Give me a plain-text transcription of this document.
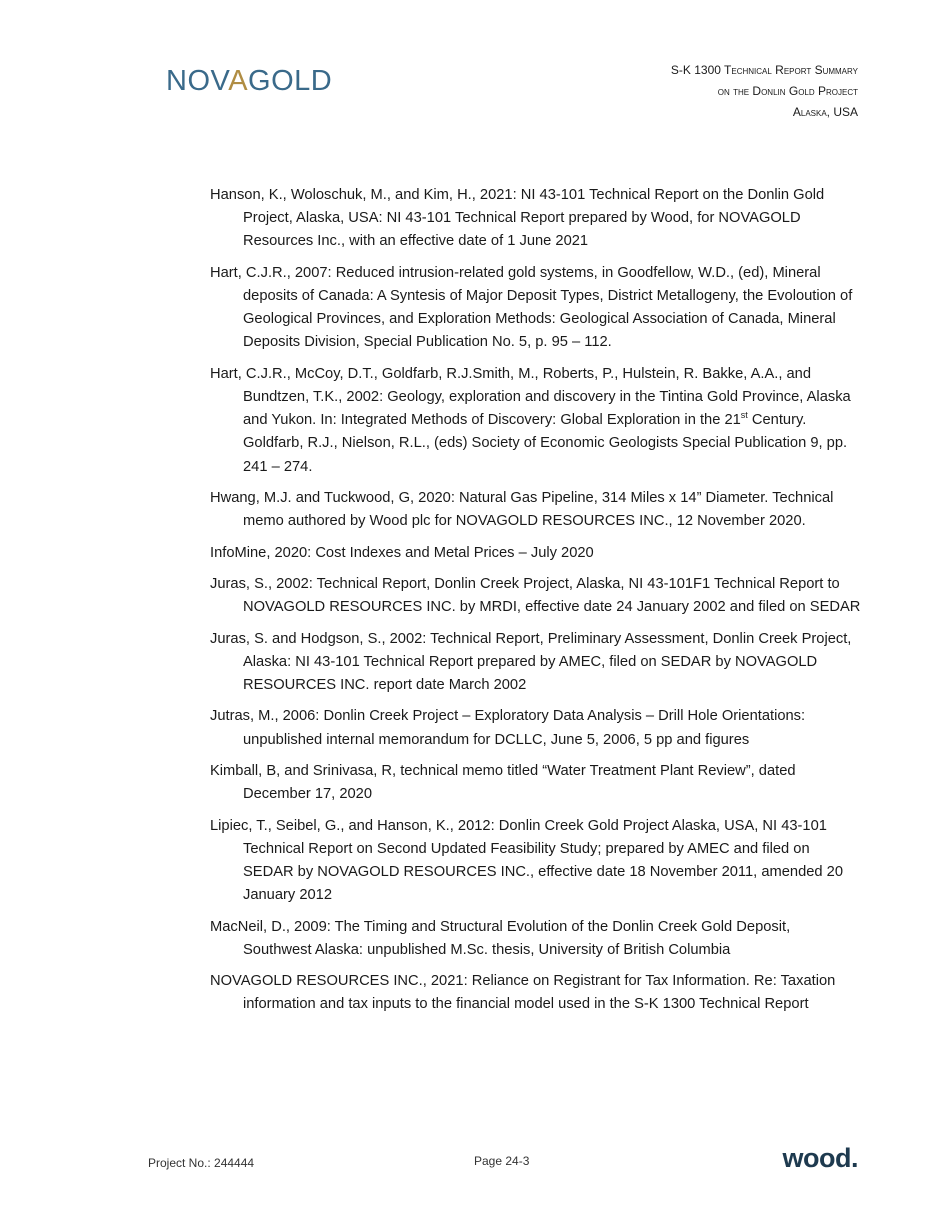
NOVAGOLD	S-K 1300 Technical Report Summary
on the Donlin Gold Project
Alaska, USA

Hanson, K., Woloschuk, M., and Kim, H., 2021: NI 43-101 Technical Report on the Donlin Gold Project, Alaska, USA: NI 43-101 Technical Report prepared by Wood, for NOVAGOLD Resources Inc., with an effective date of 1 June 2021

Hart, C.J.R., 2007: Reduced intrusion-related gold systems, in Goodfellow, W.D., (ed), Mineral deposits of Canada: A Syntesis of Major Deposit Types, District Metallogeny, the Evoloution of Geological Provinces, and Exploration Methods: Geological Association of Canada, Mineral Deposits Division, Special Publication No. 5, p. 95 – 112.

Hart, C.J.R., McCoy, D.T., Goldfarb, R.J.Smith, M., Roberts, P., Hulstein, R. Bakke, A.A., and Bundtzen, T.K., 2002: Geology, exploration and discovery in the Tintina Gold Province, Alaska and Yukon. In: Integrated Methods of Discovery: Global Exploration in the 21st Century. Goldfarb, R.J., Nielson, R.L., (eds) Society of Economic Geologists Special Publication 9, pp. 241 – 274.

Hwang, M.J. and Tuckwood, G, 2020: Natural Gas Pipeline, 314 Miles x 14” Diameter. Technical memo authored by Wood plc for NOVAGOLD RESOURCES INC., 12 November 2020.

InfoMine, 2020: Cost Indexes and Metal Prices – July 2020

Juras, S., 2002: Technical Report, Donlin Creek Project, Alaska, NI 43-101F1 Technical Report to NOVAGOLD RESOURCES INC. by MRDI, effective date 24 January 2002 and filed on SEDAR

Juras, S. and Hodgson, S., 2002: Technical Report, Preliminary Assessment, Donlin Creek Project, Alaska: NI 43-101 Technical Report prepared by AMEC, filed on SEDAR by NOVAGOLD RESOURCES INC. report date March 2002

Jutras, M., 2006: Donlin Creek Project – Exploratory Data Analysis – Drill Hole Orientations: unpublished internal memorandum for DCLLC, June 5, 2006, 5 pp and figures

Kimball, B, and Srinivasa, R, technical memo titled “Water Treatment Plant Review”, dated December 17, 2020

Lipiec, T., Seibel, G., and Hanson, K., 2012: Donlin Creek Gold Project Alaska, USA, NI 43-101 Technical Report on Second Updated Feasibility Study; prepared by AMEC and filed on SEDAR by NOVAGOLD RESOURCES INC., effective date 18 November 2011, amended 20 January 2012

MacNeil, D., 2009: The Timing and Structural Evolution of the Donlin Creek Gold Deposit, Southwest Alaska: unpublished M.Sc. thesis, University of British Columbia

NOVAGOLD RESOURCES INC., 2021: Reliance on Registrant for Tax Information. Re: Taxation information and tax inputs to the financial model used in the S-K 1300 Technical Report

Project No.: 244444	Page 24-3	wood.
